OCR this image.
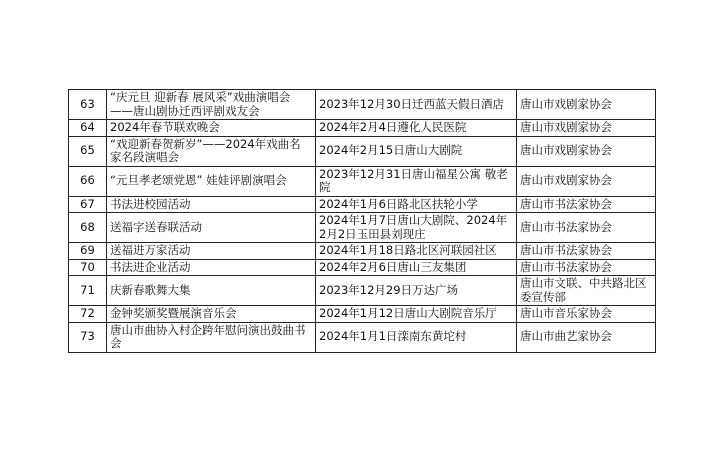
63	“庆元旦 迎新春 展风采”戏曲演唱会——唐山剧协迁西评剧戏友会	2023年12月30日迁西蓝天假日酒店	唐山市戏剧家协会
64	2024年春节联欢晚会	2024年2月4日遵化人民医院	唐山市戏剧家协会
65	“戏迎新春贺新岁”——2024年戏曲名家名段演唱会	2024年2月15日唐山大剧院	唐山市戏剧家协会
66	“元旦孝老颂党恩” 娃娃评剧演唱会	2023年12月31日唐山福星公寓 敬老院	唐山市戏剧家协会
67	书法进校园活动	2024年1月6日路北区扶轮小学	唐山市书法家协会
68	送福字送春联活动	2024年1月7日唐山大剧院、2024年2月2日玉田县刘现庄	唐山市书法家协会
69	送福进万家活动	2024年1月18日路北区河联园社区	唐山市书法家协会
70	书法进企业活动	2024年2月6日唐山三友集团	唐山市书法家协会
71	庆新春歌舞大集	2023年12月29日万达广场	唐山市文联、中共路北区委宣传部
72	金钟奖颁奖暨展演音乐会	2024年1月12日唐山大剧院音乐厅	唐山市音乐家协会
73	唐山市曲协入村企跨年慰问演出鼓曲书会	2024年1月1日滦南东黄坨村	唐山市曲艺家协会
